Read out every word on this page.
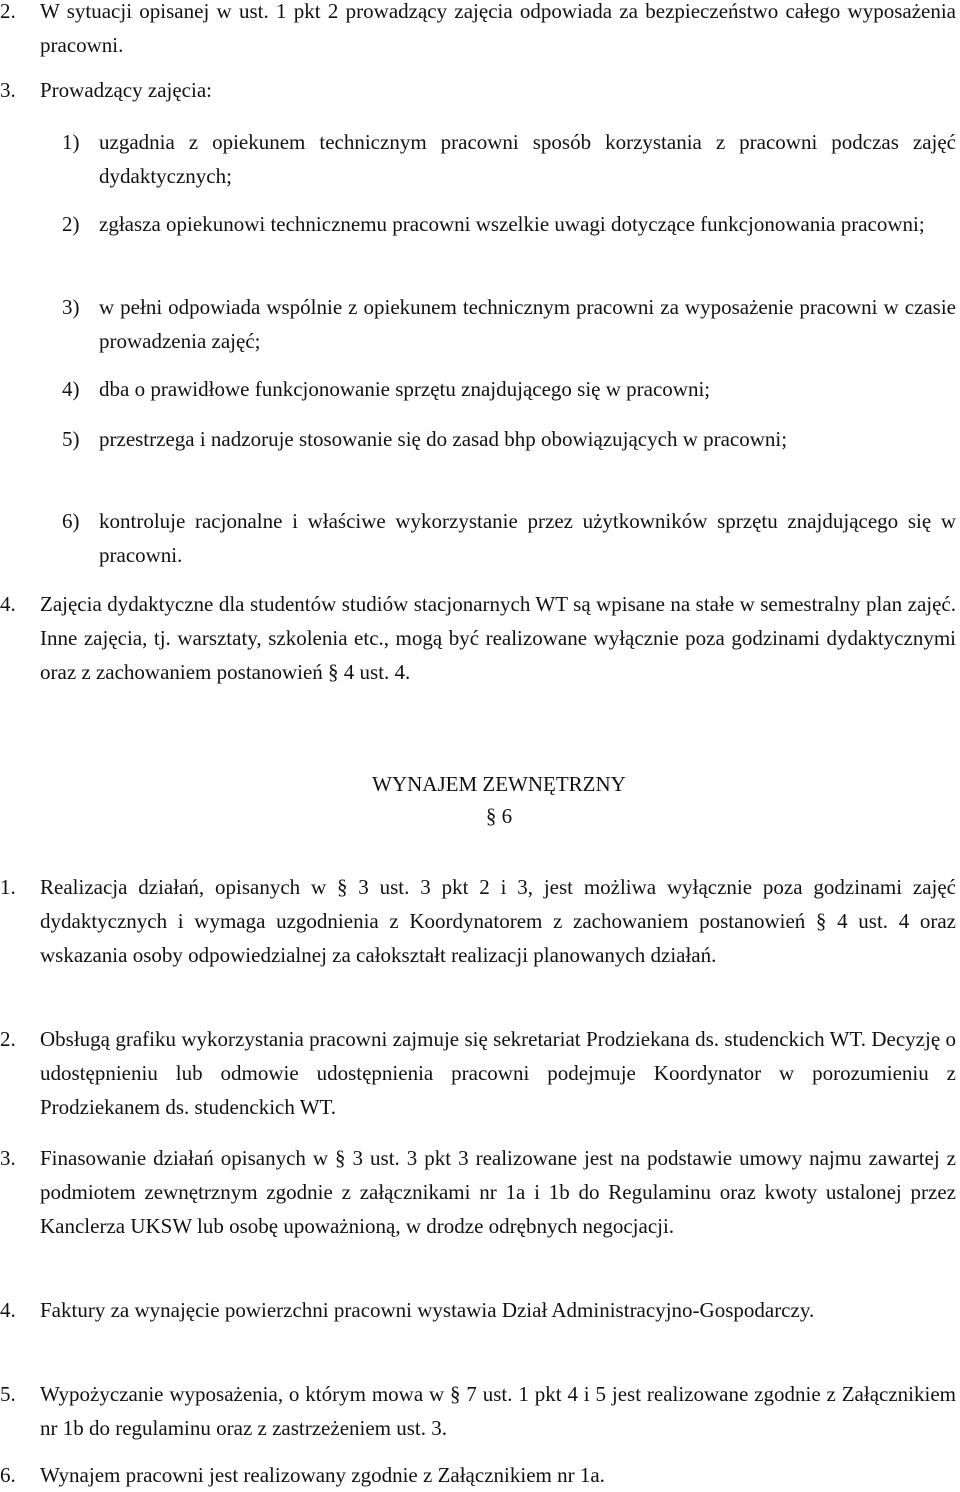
2.	W sytuacji opisanej w ust. 1 pkt 2 prowadzący zajęcia odpowiada za bezpieczeństwo całego wyposażenia pracowni.
3.	Prowadzący zajęcia:
1) uzgadnia z opiekunem technicznym pracowni sposób korzystania z pracowni podczas zajęć dydaktycznych;
2) zgłasza opiekunowi technicznemu pracowni wszelkie uwagi dotyczące funkcjonowania pracowni;
3) w pełni odpowiada wspólnie z opiekunem technicznym pracowni za wyposażenie pracowni w czasie prowadzenia zajęć;
4) dba o prawidłowe funkcjonowanie sprzętu znajdującego się w pracowni;
5) przestrzega i nadzoruje stosowanie się do zasad bhp obowiązujących w pracowni;
6) kontroluje racjonalne i właściwe wykorzystanie przez użytkowników sprzętu znajdującego się w pracowni.
4.	Zajęcia dydaktyczne dla studentów studiów stacjonarnych WT są wpisane na stałe w semestralny plan zajęć. Inne zajęcia, tj. warsztaty, szkolenia etc., mogą być realizowane wyłącznie poza godzinami dydaktycznymi oraz z zachowaniem postanowień § 4 ust. 4.
WYNAJEM ZEWNĘTRZNY
§ 6
1.	Realizacja działań, opisanych w § 3 ust. 3 pkt 2 i 3, jest możliwa wyłącznie poza godzinami zajęć dydaktycznych i wymaga uzgodnienia z Koordynatorem z zachowaniem postanowień § 4 ust. 4 oraz wskazania osoby odpowiedzialnej za całokształt realizacji planowanych działań.
2.	Obsługą grafiku wykorzystania pracowni zajmuje się sekretariat Prodziekana ds. studenckich WT. Decyzję o udostępnieniu lub odmowie udostępnienia pracowni podejmuje Koordynator w porozumieniu z Prodziekanem ds. studenckich WT.
3.	Finasowanie działań opisanych w § 3 ust. 3 pkt 3 realizowane jest na podstawie umowy najmu zawartej z podmiotem zewnętrznym zgodnie z załącznikami nr 1a i 1b do Regulaminu oraz kwoty ustalonej przez Kanclerza UKSW lub osobę upoważnioną, w drodze odrębnych negocjacji.
4.	Faktury za wynajęcie powierzchni pracowni wystawia Dział Administracyjno-Gospodarczy.
5.	Wypożyczanie wyposażenia, o którym mowa w § 7 ust. 1 pkt 4 i 5 jest realizowane zgodnie z Załącznikiem nr 1b do regulaminu oraz z zastrzeżeniem ust. 3.
6.	Wynajem pracowni jest realizowany zgodnie z Załącznikiem nr 1a.
